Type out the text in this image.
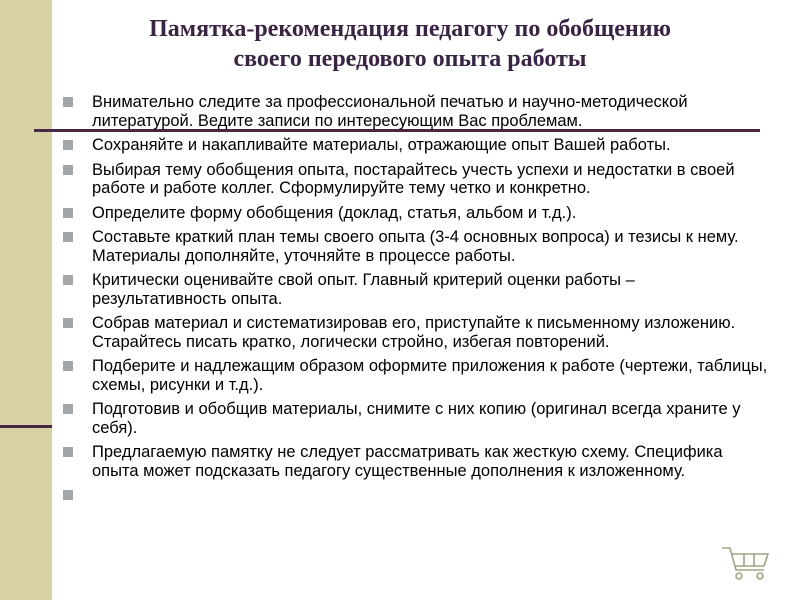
Памятка-рекомендация педагогу по обобщению
своего передового опыта работы
Внимательно следите за профессиональной печатью и научно-методической литературой. Ведите записи по интересующим Вас проблемам.
Сохраняйте и накапливайте материалы, отражающие опыт Вашей работы.
Выбирая тему обобщения опыта, постарайтесь учесть успехи и недостатки в своей работе и работе коллег. Сформулируйте тему четко и конкретно.
Определите форму обобщения (доклад, статья, альбом и т.д.).
Составьте краткий план темы своего опыта (3-4 основных вопроса) и тезисы к нему. Материалы дополняйте, уточняйте в процессе работы.
Критически оценивайте свой опыт. Главный критерий оценки работы – результативность опыта.
Собрав материал и систематизировав его, приступайте к письменному изложению. Старайтесь писать кратко, логически стройно, избегая повторений.
Подберите и надлежащим образом оформите приложения к работе (чертежи, таблицы, схемы, рисунки и т.д.).
Подготовив и обобщив материалы, снимите с них копию (оригинал всегда храните у себя).
Предлагаемую памятку не следует рассматривать как жесткую схему. Специфика опыта может подсказать педагогу существенные дополнения к изложенному.
